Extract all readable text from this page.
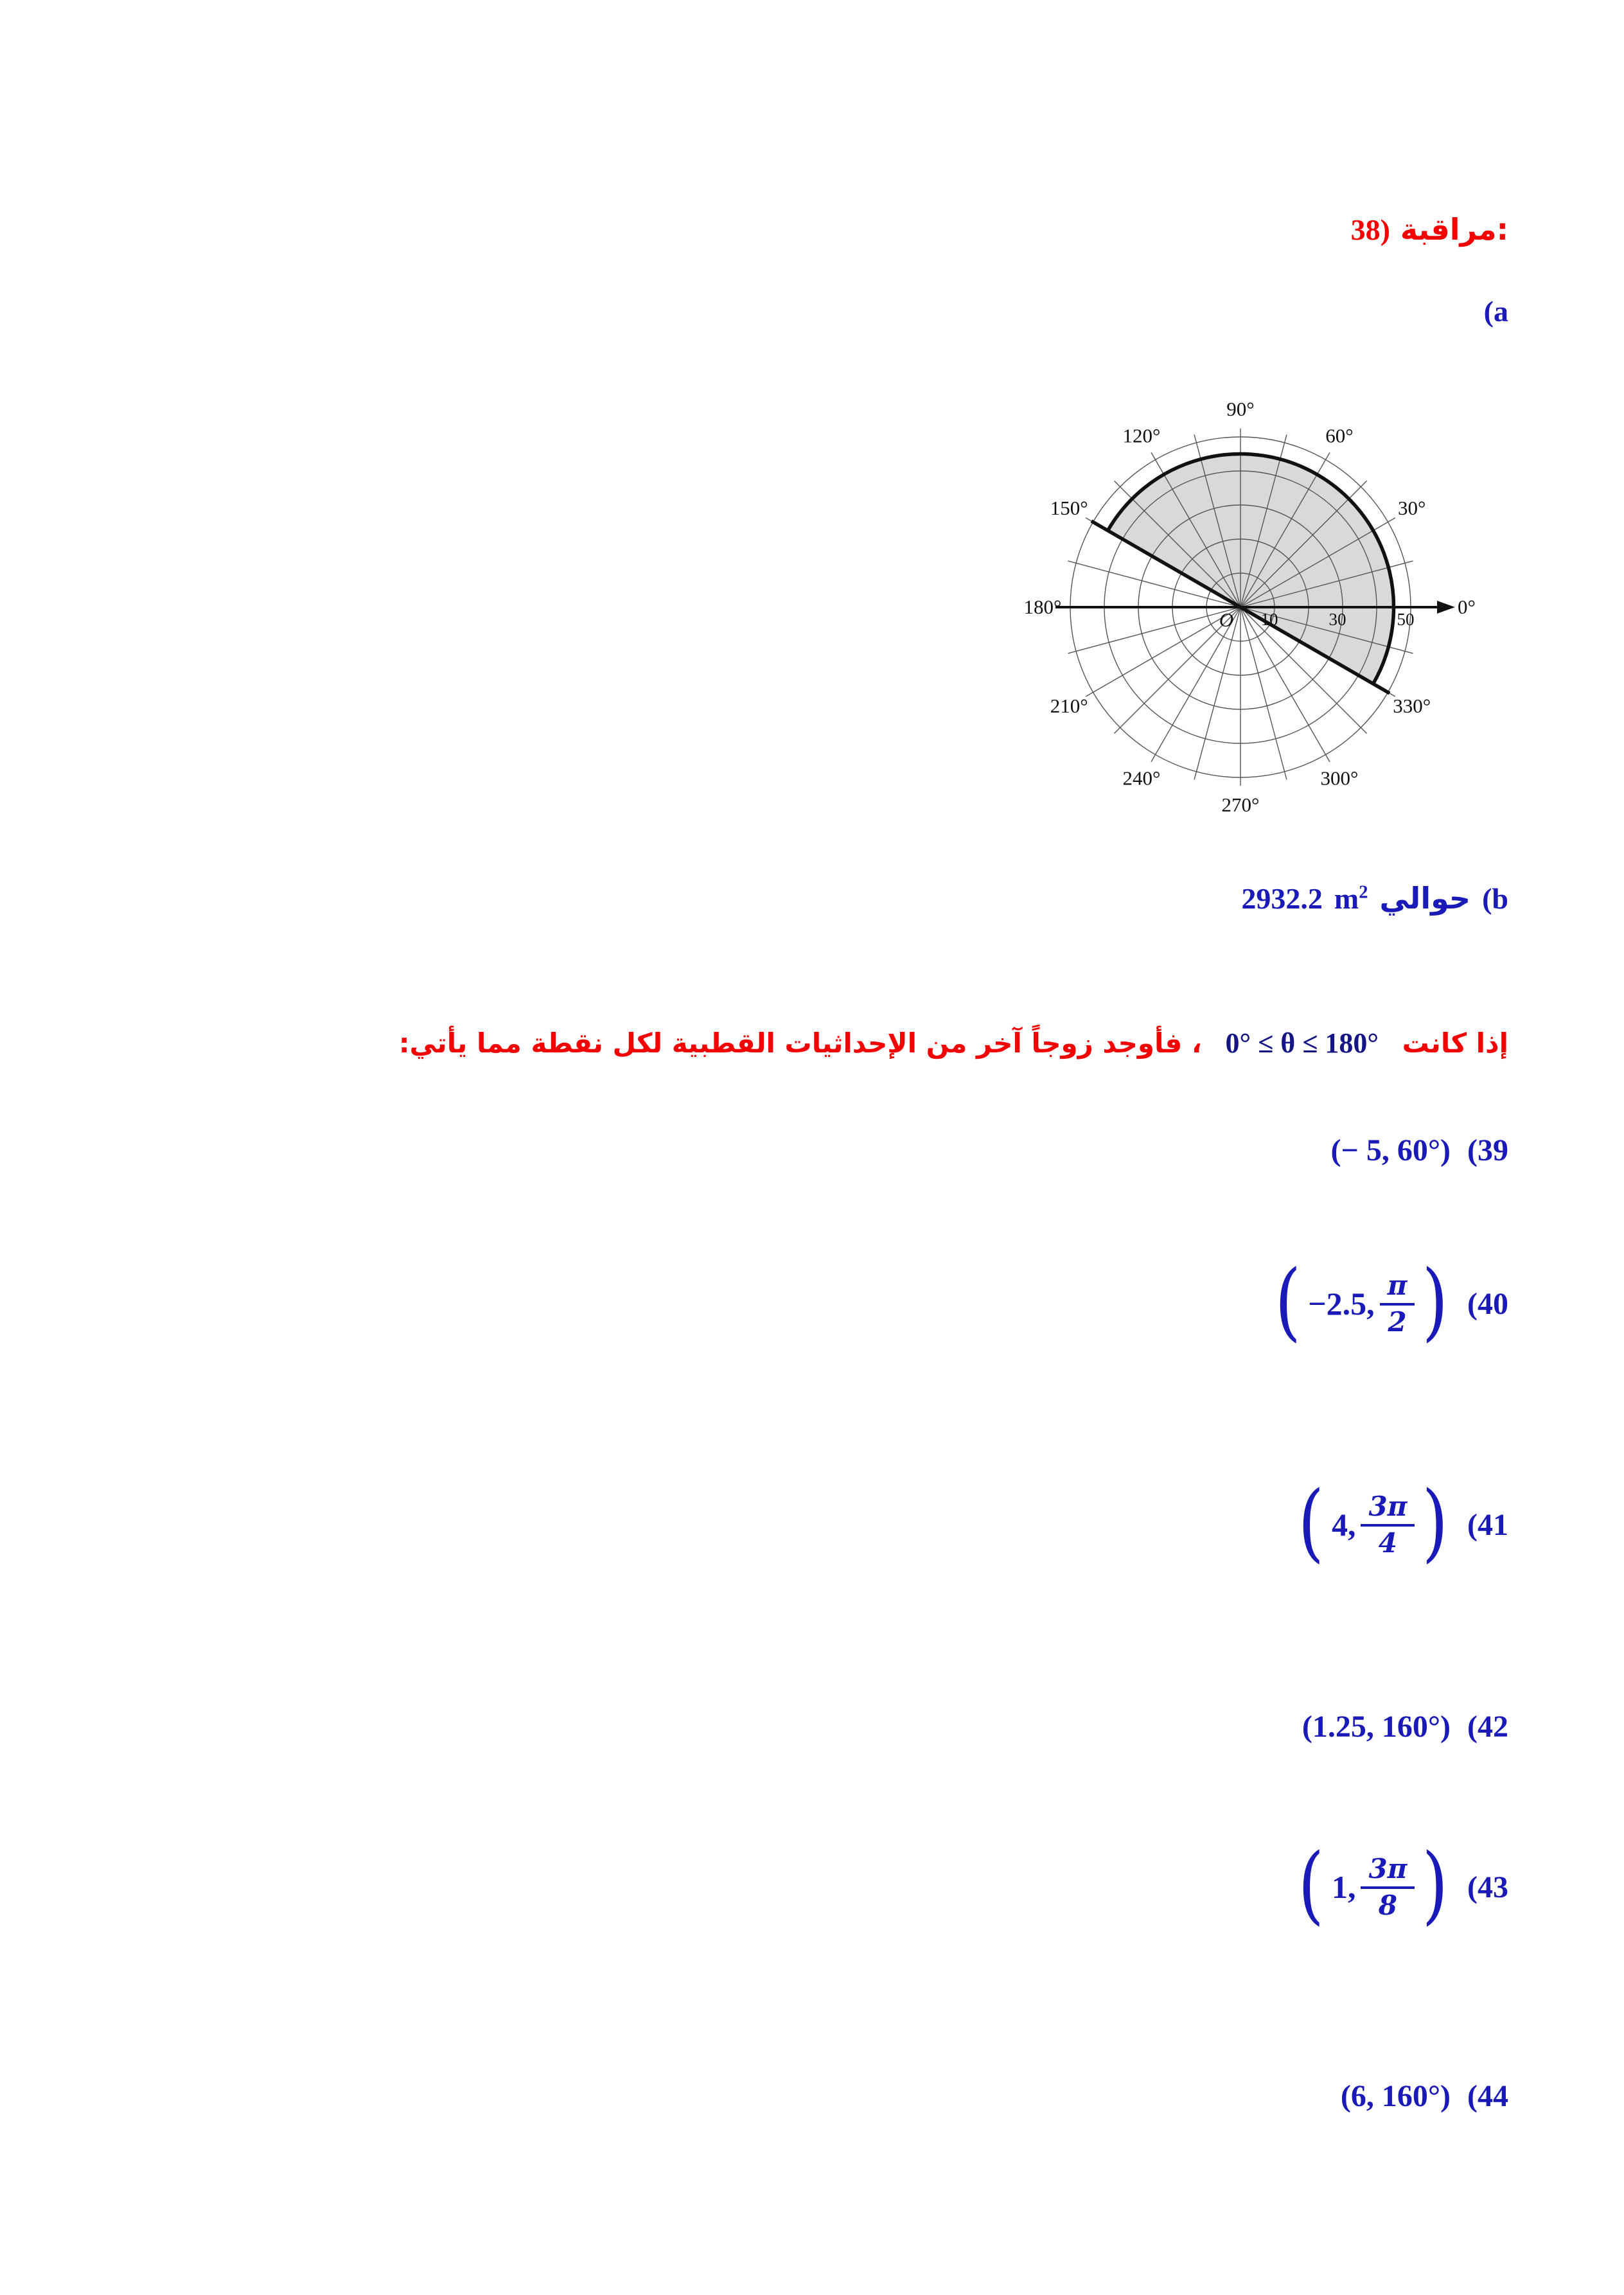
38) مراقبة:
(a
0°
30°
60°
90°
120°
150°
180°
210°
240°
270°
300°
330°
10	30	50
O
2932.2 $m^2$ حوالي (b
إذا كانت 0° ≤ θ ≤ 180° ، فأوجد زوجاً آخر من الإحداثيات القطبية لكل نقطة مما يأتي:
(− 5, 60°) (39
( −2.5, $\frac{\pi}{2}$ ) (40
( 4, $\frac{3\pi}{4}$ ) (41
(1.25, 160°) (42
( 1, $\frac{3\pi}{8}$ ) (43
(6, 160°) (44
